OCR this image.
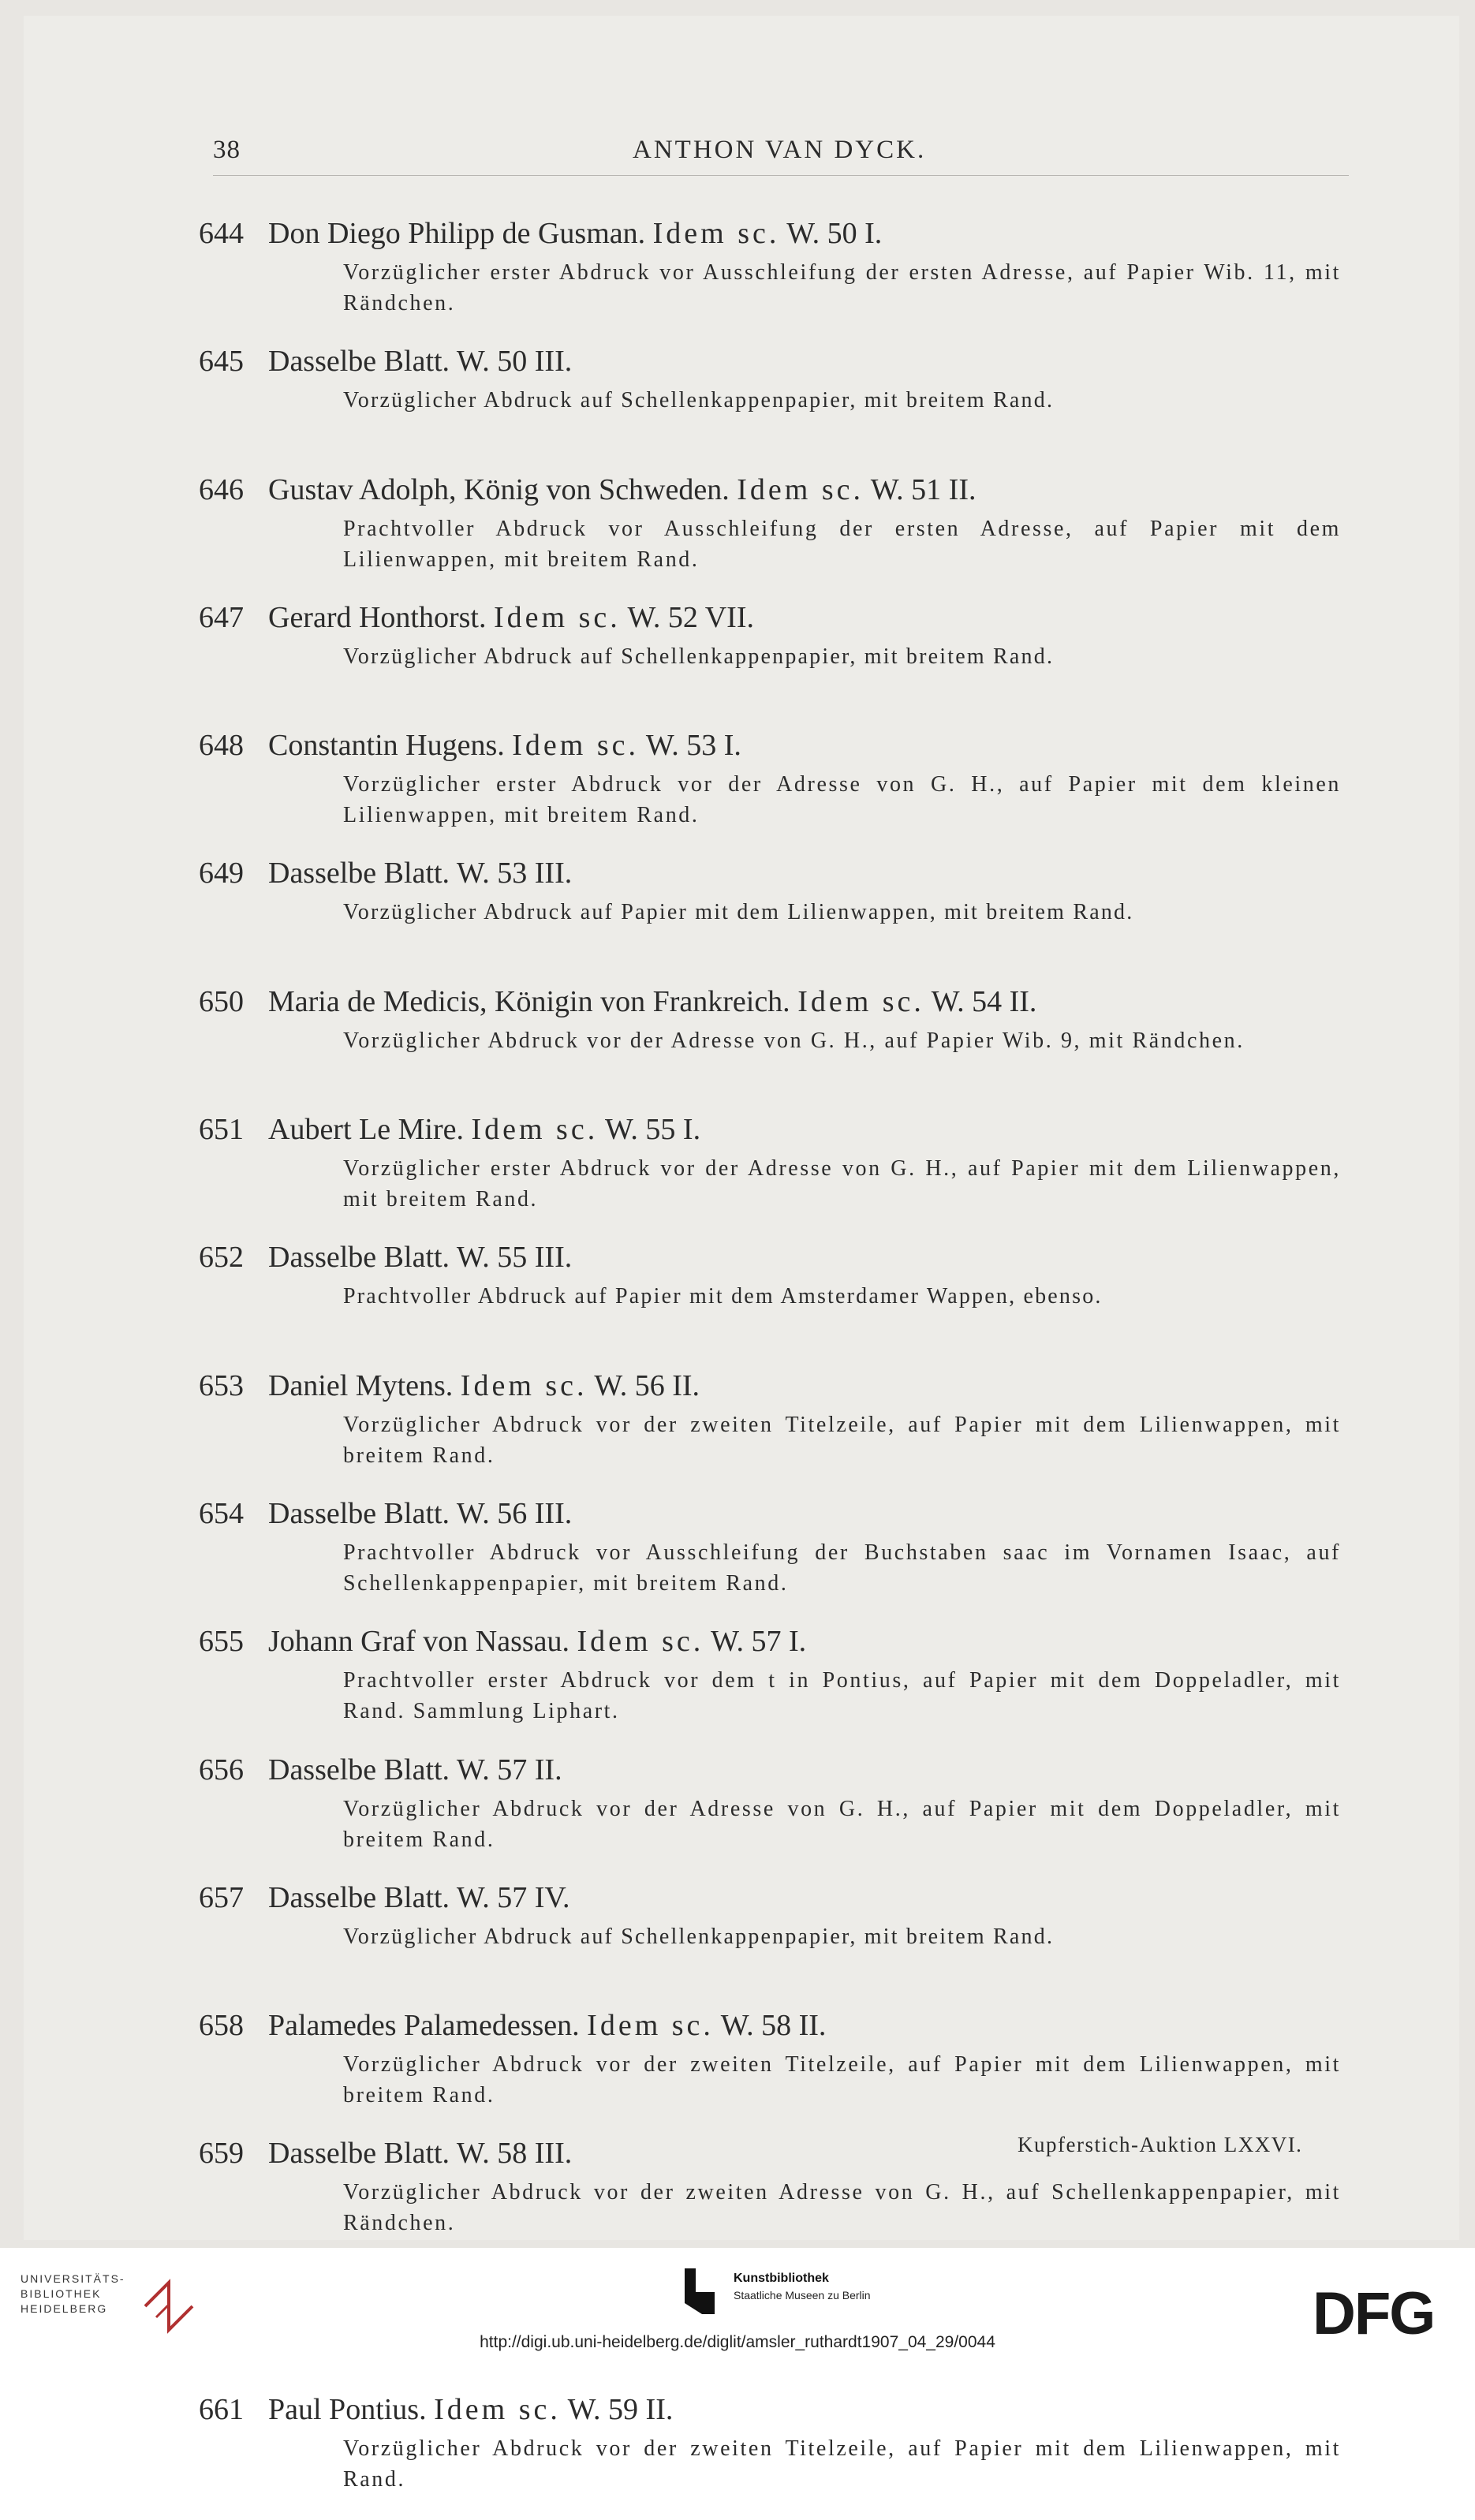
38	ANTHON VAN DYCK.
644 Don Diego Philipp de Gusman. Idem sc. W. 50 I.
Vorzüglicher erster Abdruck vor Ausschleifung der ersten Adresse, auf Papier Wib. 11, mit Rändchen.
645 Dasselbe Blatt. W. 50 III.
Vorzüglicher Abdruck auf Schellenkappenpapier, mit breitem Rand.
646 Gustav Adolph, König von Schweden. Idem sc. W. 51 II.
Prachtvoller Abdruck vor Ausschleifung der ersten Adresse, auf Papier mit dem Lilienwappen, mit breitem Rand.
647 Gerard Honthorst. Idem sc. W. 52 VII.
Vorzüglicher Abdruck auf Schellenkappenpapier, mit breitem Rand.
648 Constantin Hugens. Idem sc. W. 53 I.
Vorzüglicher erster Abdruck vor der Adresse von G. H., auf Papier mit dem kleinen Lilienwappen, mit breitem Rand.
649 Dasselbe Blatt. W. 53 III.
Vorzüglicher Abdruck auf Papier mit dem Lilienwappen, mit breitem Rand.
650 Maria de Medicis, Königin von Frankreich. Idem sc. W. 54 II.
Vorzüglicher Abdruck vor der Adresse von G. H., auf Papier Wib. 9, mit Rändchen.
651 Aubert Le Mire. Idem sc. W. 55 I.
Vorzüglicher erster Abdruck vor der Adresse von G. H., auf Papier mit dem Lilienwappen, mit breitem Rand.
652 Dasselbe Blatt. W. 55 III.
Prachtvoller Abdruck auf Papier mit dem Amsterdamer Wappen, ebenso.
653 Daniel Mytens. Idem sc. W. 56 II.
Vorzüglicher Abdruck vor der zweiten Titelzeile, auf Papier mit dem Lilienwappen, mit breitem Rand.
654 Dasselbe Blatt. W. 56 III.
Prachtvoller Abdruck vor Ausschleifung der Buchstaben saac im Vornamen Isaac, auf Schellenkappenpapier, mit breitem Rand.
655 Johann Graf von Nassau. Idem sc. W. 57 I.
Prachtvoller erster Abdruck vor dem t in Pontius, auf Papier mit dem Doppeladler, mit Rand. Sammlung Liphart.
656 Dasselbe Blatt. W. 57 II.
Vorzüglicher Abdruck vor der Adresse von G. H., auf Papier mit dem Doppeladler, mit breitem Rand.
657 Dasselbe Blatt. W. 57 IV.
Vorzüglicher Abdruck auf Schellenkappenpapier, mit breitem Rand.
658 Palamedes Palamedessen. Idem sc. W. 58 II.
Vorzüglicher Abdruck vor der zweiten Titelzeile, auf Papier mit dem Lilienwappen, mit breitem Rand.
659 Dasselbe Blatt. W. 58 III.
Vorzüglicher Abdruck vor der zweiten Adresse von G. H., auf Schellenkappenpapier, mit Rändchen.
661 Paul Pontius. Idem sc. W. 59 II.
Vorzüglicher Abdruck vor der zweiten Titelzeile, auf Papier mit dem Lilienwappen, mit Rand.
Kupferstich-Auktion LXXVI.
UNIVERSITÄTS-
BIBLIOTHEK
HEIDELBERG
Kunstbibliothek
Staatliche Museen zu Berlin	DFG
http://digi.ub.uni-heidelberg.de/diglit/amsler_ruthardt1907_04_29/0044
